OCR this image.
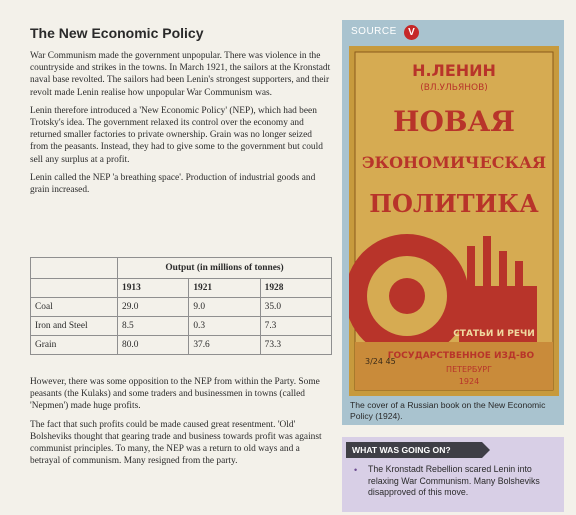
The New Economic Policy

War Communism made the government unpopular. There was violence in the countryside and strikes in the towns. In March 1921, the sailors at the Kronstadt naval base revolted. The sailors had been Lenin's strongest supporters, and their revolt made Lenin realise how unpopular War Communism was.

Lenin therefore introduced a 'New Economic Policy' (NEP), which had been Trotsky's idea. The government relaxed its control over the economy and returned smaller factories to private ownership. Grain was no longer seized from the peasants. Instead, they had to give some to the government but could sell any surplus at a profit.

Lenin called the NEP 'a breathing space'. Production of industrial goods and grain increased.

	Output (in millions of tonnes)		
	1913	1921	1928
Coal	29.0	9.0	35.0
Iron and Steel	8.5	0.3	7.3
Grain	80.0	37.6	73.3

However, there was some opposition to the NEP from within the Party. Some peasants (the Kulaks) and some traders and businessmen in towns (called 'Nepmen') made huge profits.

The fact that such profits could be made caused great resentment. 'Old' Bolsheviks thought that gearing trade and business towards profit was against communist principles. To many, the NEP was a return to old ways and a betrayal of communism. Many resigned from the party.

SOURCE	V
Н.ЛЕНИН
(ВЛ.УЛЬЯНОВ)
НОВАЯ
ЭКОНОМИЧЕСКАЯ
ПОЛИТИКА
СТАТЬИ И РЕЧИ
3/24 45
ГОСУДАРСТВЕННОЕ ИЗД-ВО
ПЕТЕРБУРГ
1924
The cover of a Russian book on the New Economic Policy (1924).
WHAT WAS GOING ON?
•	The Kronstadt Rebellion scared Lenin into relaxing War Communism. Many Bolsheviks disapproved of this move.
